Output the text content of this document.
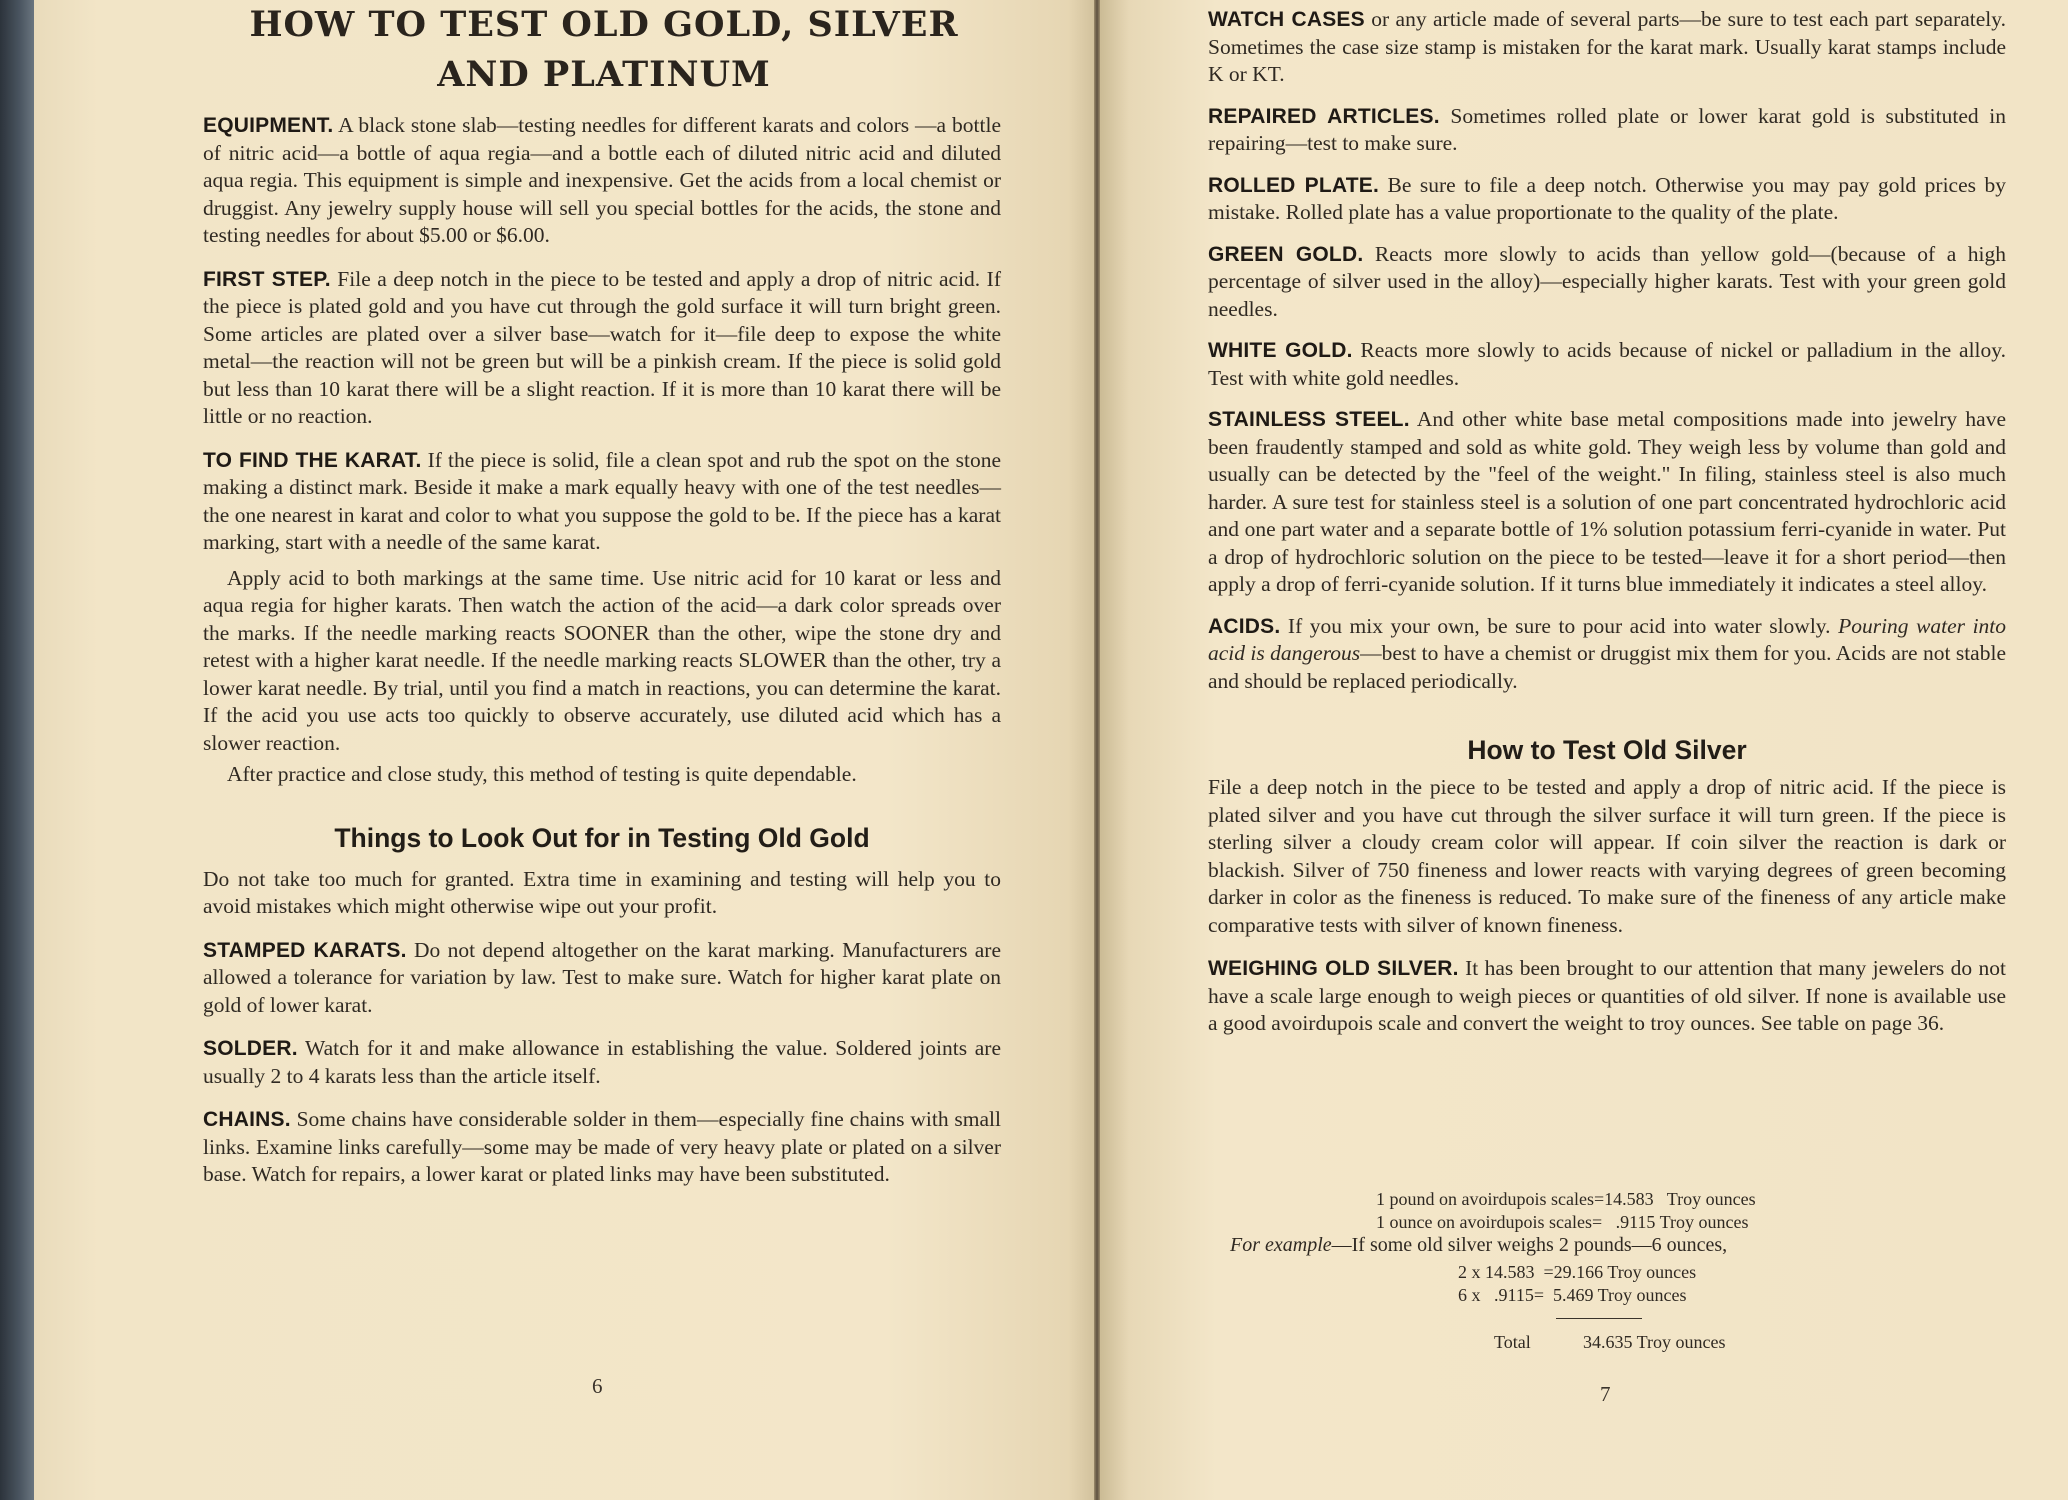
HOW TO TEST OLD GOLD, SILVER
AND PLATINUM

EQUIPMENT. A black stone slab—testing needles for different karats and colors —a bottle of nitric acid—a bottle of aqua regia—and a bottle each of diluted nitric acid and diluted aqua regia. This equipment is simple and inexpensive. Get the acids from a local chemist or druggist. Any jewelry supply house will sell you special bottles for the acids, the stone and testing needles for about $5.00 or $6.00.

FIRST STEP. File a deep notch in the piece to be tested and apply a drop of nitric acid. If the piece is plated gold and you have cut through the gold surface it will turn bright green. Some articles are plated over a silver base—watch for it—file deep to expose the white metal—the reaction will not be green but will be a pinkish cream. If the piece is solid gold but less than 10 karat there will be a slight reaction. If it is more than 10 karat there will be little or no reaction.

TO FIND THE KARAT. If the piece is solid, file a clean spot and rub the spot on the stone making a distinct mark. Beside it make a mark equally heavy with one of the test needles—the one nearest in karat and color to what you suppose the gold to be. If the piece has a karat marking, start with a needle of the same karat.

Apply acid to both markings at the same time. Use nitric acid for 10 karat or less and aqua regia for higher karats. Then watch the action of the acid—a dark color spreads over the marks. If the needle marking reacts SOONER than the other, wipe the stone dry and retest with a higher karat needle. If the needle marking reacts SLOWER than the other, try a lower karat needle. By trial, until you find a match in reactions, you can determine the karat. If the acid you use acts too quickly to observe accurately, use diluted acid which has a slower reaction.

After practice and close study, this method of testing is quite dependable.

Things to Look Out for in Testing Old Gold

Do not take too much for granted. Extra time in examining and testing will help you to avoid mistakes which might otherwise wipe out your profit.

STAMPED KARATS. Do not depend altogether on the karat marking. Manufacturers are allowed a tolerance for variation by law. Test to make sure. Watch for higher karat plate on gold of lower karat.

SOLDER. Watch for it and make allowance in establishing the value. Soldered joints are usually 2 to 4 karats less than the article itself.

CHAINS. Some chains have considerable solder in them—especially fine chains with small links. Examine links carefully—some may be made of very heavy plate or plated on a silver base. Watch for repairs, a lower karat or plated links may have been substituted.

6

WATCH CASES or any article made of several parts—be sure to test each part separately. Sometimes the case size stamp is mistaken for the karat mark. Usually karat stamps include K or KT.

REPAIRED ARTICLES. Sometimes rolled plate or lower karat gold is substituted in repairing—test to make sure.

ROLLED PLATE. Be sure to file a deep notch. Otherwise you may pay gold prices by mistake. Rolled plate has a value proportionate to the quality of the plate.

GREEN GOLD. Reacts more slowly to acids than yellow gold—(because of a high percentage of silver used in the alloy)—especially higher karats. Test with your green gold needles.

WHITE GOLD. Reacts more slowly to acids because of nickel or palladium in the alloy. Test with white gold needles.

STAINLESS STEEL. And other white base metal compositions made into jewelry have been fraudently stamped and sold as white gold. They weigh less by volume than gold and usually can be detected by the "feel of the weight." In filing, stainless steel is also much harder. A sure test for stainless steel is a solution of one part concentrated hydrochloric acid and one part water and a separate bottle of 1% solution potassium ferri-cyanide in water. Put a drop of hydrochloric solution on the piece to be tested—leave it for a short period—then apply a drop of ferri-cyanide solution. If it turns blue immediately it indicates a steel alloy.

ACIDS. If you mix your own, be sure to pour acid into water slowly. Pouring water into acid is dangerous—best to have a chemist or druggist mix them for you. Acids are not stable and should be replaced periodically.

How to Test Old Silver

File a deep notch in the piece to be tested and apply a drop of nitric acid. If the piece is plated silver and you have cut through the silver surface it will turn green. If the piece is sterling silver a cloudy cream color will appear. If coin silver the reaction is dark or blackish. Silver of 750 fineness and lower reacts with varying degrees of green becoming darker in color as the fineness is reduced. To make sure of the fineness of any article make comparative tests with silver of known fineness.

WEIGHING OLD SILVER. It has been brought to our attention that many jewelers do not have a scale large enough to weigh pieces or quantities of old silver. If none is available use a good avoirdupois scale and convert the weight to troy ounces. See table on page 36.

1 pound on avoirdupois scales=14.583   Troy ounces
1 ounce on avoirdupois scales=   .9115 Troy ounces
For example—If some old silver weighs 2 pounds—6 ounces,
2 x 14.583  =29.166 Troy ounces
6 x   .9115=  5.469 Troy ounces
Total	34.635 Troy ounces
7
